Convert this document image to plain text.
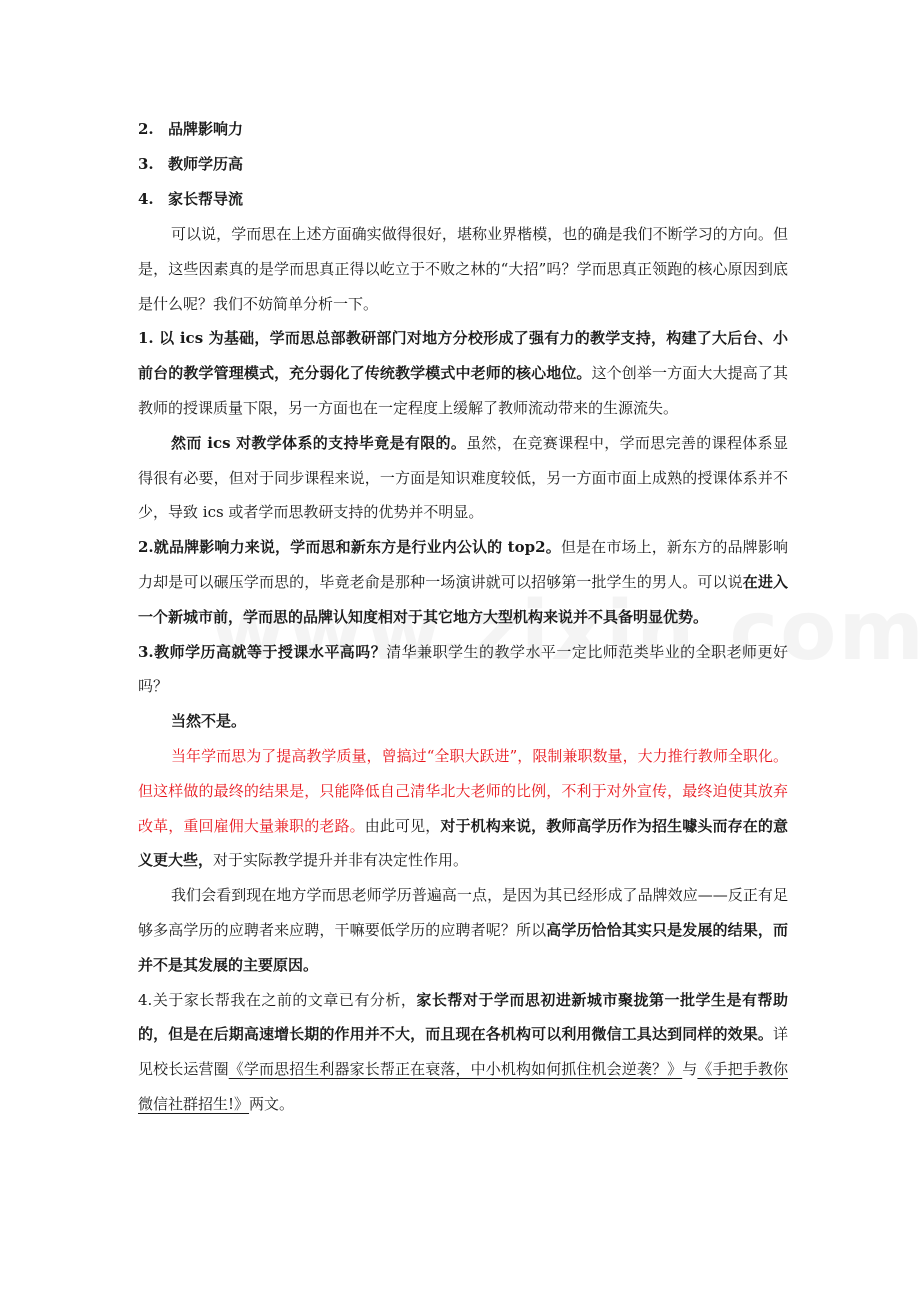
2. 品牌影响力
3. 教师学历高
4. 家长帮导流

可以说，学而思在上述方面确实做得很好，堪称业界楷模，也的确是我们不断学习的方向。但是，这些因素真的是学而思真正得以屹立于不败之林的“大招”吗？学而思真正领跑的核心原因到底是什么呢？我们不妨简单分析一下。

1. 以 ics 为基础，学而思总部教研部门对地方分校形成了强有力的教学支持，构建了大后台、小前台的教学管理模式，充分弱化了传统教学模式中老师的核心地位。这个创举一方面大大提高了其教师的授课质量下限，另一方面也在一定程度上缓解了教师流动带来的生源流失。

然而 ics 对教学体系的支持毕竟是有限的。虽然，在竞赛课程中，学而思完善的课程体系显得很有必要，但对于同步课程来说，一方面是知识难度较低，另一方面市面上成熟的授课体系并不少，导致 ics 或者学而思教研支持的优势并不明显。

2.就品牌影响力来说，学而思和新东方是行业内公认的 top2。但是在市场上，新东方的品牌影响力却是可以碾压学而思的，毕竟老俞是那种一场演讲就可以招够第一批学生的男人。可以说在进入一个新城市前，学而思的品牌认知度相对于其它地方大型机构来说并不具备明显优势。

3.教师学历高就等于授课水平高吗？清华兼职学生的教学水平一定比师范类毕业的全职老师更好吗？

当然不是。

当年学而思为了提高教学质量，曾搞过“全职大跃进”，限制兼职数量，大力推行教师全职化。但这样做的最终的结果是，只能降低自己清华北大老师的比例，不利于对外宣传，最终迫使其放弃改革，重回雇佣大量兼职的老路。由此可见，对于机构来说，教师高学历作为招生噱头而存在的意义更大些，对于实际教学提升并非有决定性作用。

我们会看到现在地方学而思老师学历普遍高一点，是因为其已经形成了品牌效应——反正有足够多高学历的应聘者来应聘，干嘛要低学历的应聘者呢？所以高学历恰恰其实只是发展的结果，而并不是其发展的主要原因。

4.关于家长帮我在之前的文章已有分析，家长帮对于学而思初进新城市聚拢第一批学生是有帮助的，但是在后期高速增长期的作用并不大，而且现在各机构可以利用微信工具达到同样的效果。详见校长运营圈《学而思招生利器家长帮正在衰落，中小机构如何抓住机会逆袭？》与《手把手教你微信社群招生!》两文。
